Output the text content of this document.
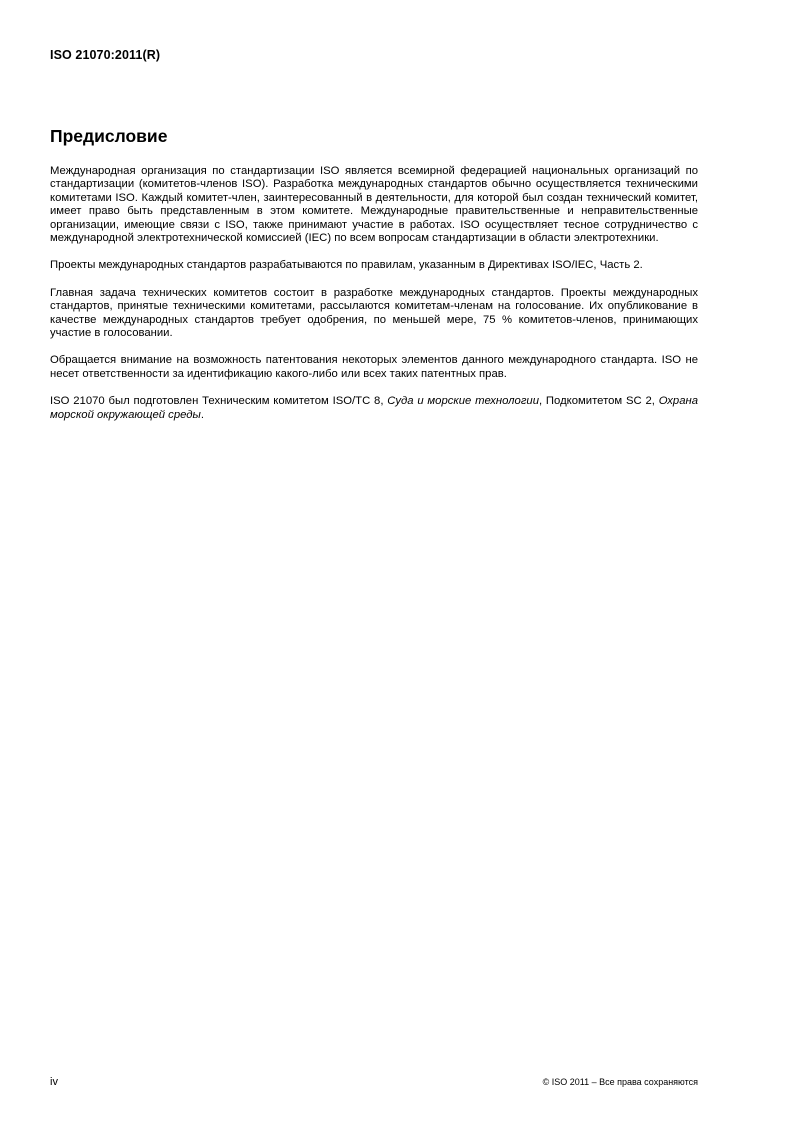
ISO 21070:2011(R)
Предисловие

Международная организация по стандартизации ISO является всемирной федерацией национальных организаций по стандартизации (комитетов-членов ISO). Разработка международных стандартов обычно осуществляется техническими комитетами ISO. Каждый комитет-член, заинтересованный в деятельности, для которой был создан технический комитет, имеет право быть представленным в этом комитете. Международные правительственные и неправительственные организации, имеющие связи с ISO, также принимают участие в работах. ISO осуществляет тесное сотрудничество с международной электротехнической комиссией (IEC) по всем вопросам стандартизации в области электротехники.

Проекты международных стандартов разрабатываются по правилам, указанным в Директивах ISO/IEC, Часть 2.

Главная задача технических комитетов состоит в разработке международных стандартов. Проекты международных стандартов, принятые техническими комитетами, рассылаются комитетам-членам на голосование. Их опубликование в качестве международных стандартов требует одобрения, по меньшей мере, 75 % комитетов-членов, принимающих участие в голосовании.

Обращается внимание на возможность патентования некоторых элементов данного международного стандарта. ISO не несет ответственности за идентификацию какого-либо или всех таких патентных прав.

ISO 21070 был подготовлен Техническим комитетом ISO/TC 8, Суда и морские технологии, Подкомитетом SC 2, Охрана морской окружающей среды.

iv	© ISO 2011 – Все права сохраняются
